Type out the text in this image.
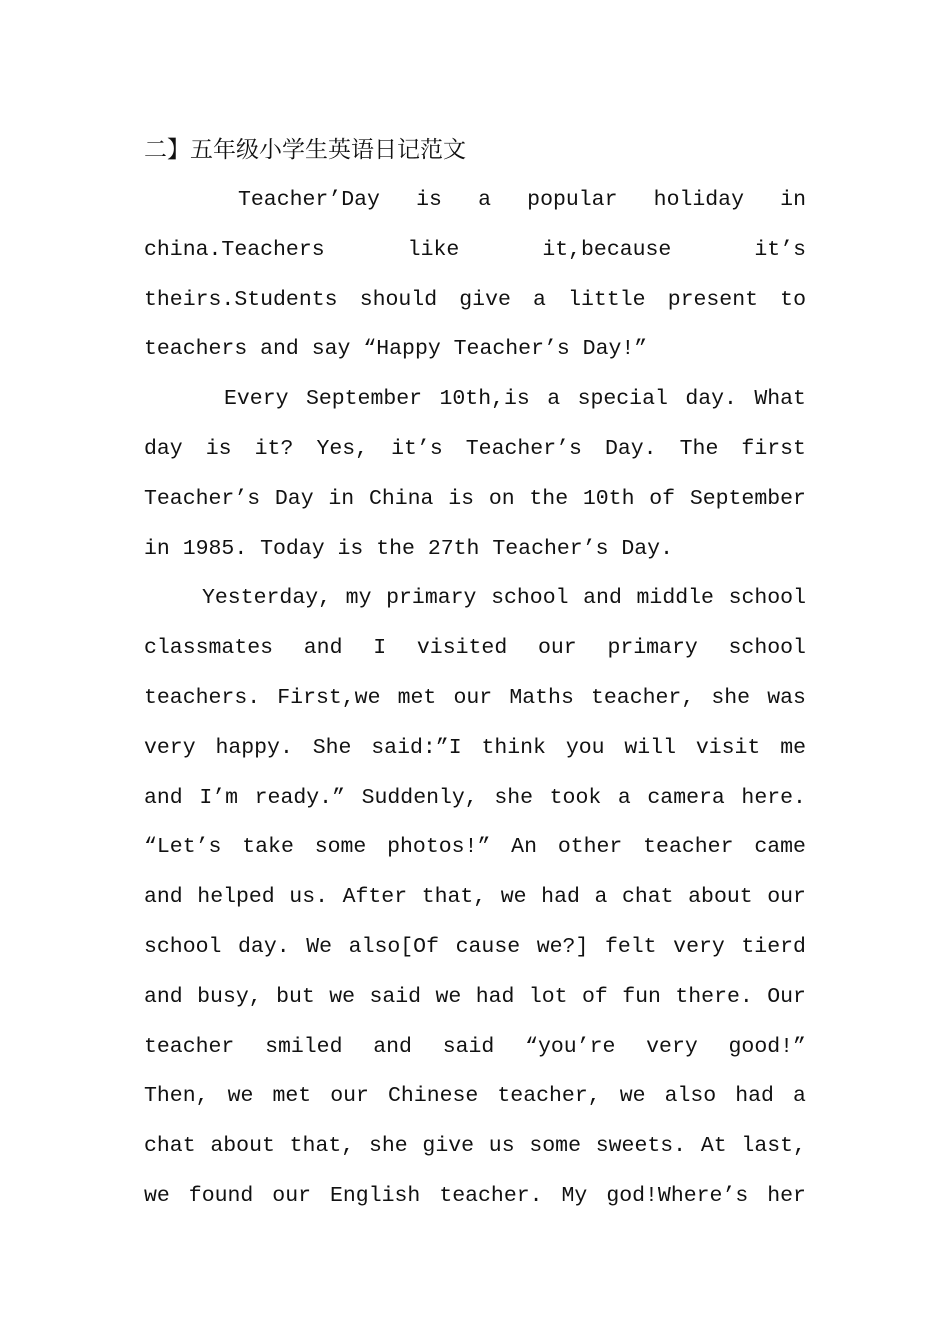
二】五年级小学生英语日记范文
Teacher’Day is a popular holiday in
china.Teachers	like	it,because	it’s
theirs.Students should give a little present to
teachers and say “Happy Teacher’s Day!”
Every September 10th,is a special day. What
day is it? Yes, it’s Teacher’s Day. The first
Teacher’s Day in China is on the 10th of September
in 1985. Today is the 27th Teacher’s Day.
Yesterday, my primary school and middle school
classmates and I visited our primary school
teachers. First,we met our Maths teacher, she was
very happy. She said:”I think you will visit me
and I’m ready.” Suddenly, she took a camera here.
“Let’s take some photos!” An other teacher came
and helped us. After that, we had a chat about our
school day. We also[Of cause we?] felt very tierd
and busy, but we said we had lot of fun there. Our
teacher smiled and said “you’re very good!”
Then, we met our Chinese teacher, we also had a
chat about that, she give us some sweets. At last,
we found our English teacher. My god!Where’s her
